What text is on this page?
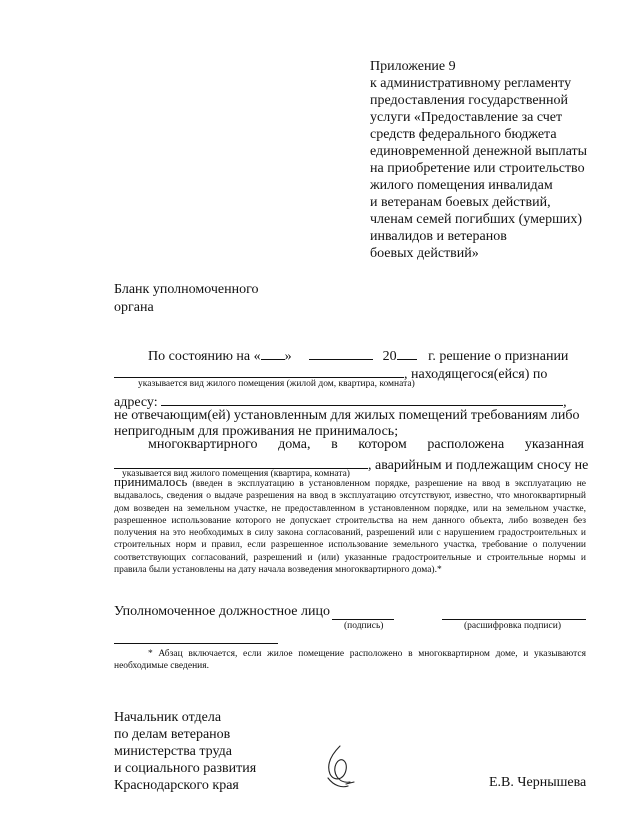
Приложение 9
к административному регламенту
предоставления государственной
услуги «Предоставление за счет
средств федерального бюджета
единовременной денежной выплаты
на приобретение или строительство
жилого помещения инвалидам
и ветеранам боевых действий,
членам семей погибших (умерших)
инвалидов и ветеранов
боевых действий»
Бланк уполномоченного
органа
По состоянию на « »	20 г. решение о признании
, находящегося(ейся) по
указывается вид жилого помещения (жилой дом, квартира, комната)
адресу:	,
не отвечающим(ей) установленным для жилых помещений требованиям либо
непригодным для проживания не принималось;
многоквартирного дома, в котором расположена указанная
, аварийным и подлежащим сносу не
указывается вид жилого помещения (квартира, комната)
принималось (введен в эксплуатацию в установленном порядке, разрешение на ввод в эксплуатацию не выдавалось, сведения о выдаче разрешения на ввод в эксплуатацию отсутствуют, известно, что многоквартирный дом возведен на земельном участке, не предоставленном в установленном порядке, или на земельном участке, разрешенное использование которого не допускает строительства на нем данного объекта, либо возведен без получения на это необходимых в силу закона согласований, разрешений или с нарушением градостроительных и строительных норм и правил, если разрешенное использование земельного участка, требование о получении соответствующих согласований, разрешений и (или) указанные градостроительные и строительные нормы и правила были установлены на дату начала возведения многоквартирного дома).*
Уполномоченное должностное лицо
(подпись)	(расшифровка подписи)
* Абзац включается, если жилое помещение расположено в многоквартирном доме, и указываются необходимые сведения.
Начальник отдела
по делам ветеранов
министерства труда
и социального развития
Краснодарского края	Е.В. Чернышева
